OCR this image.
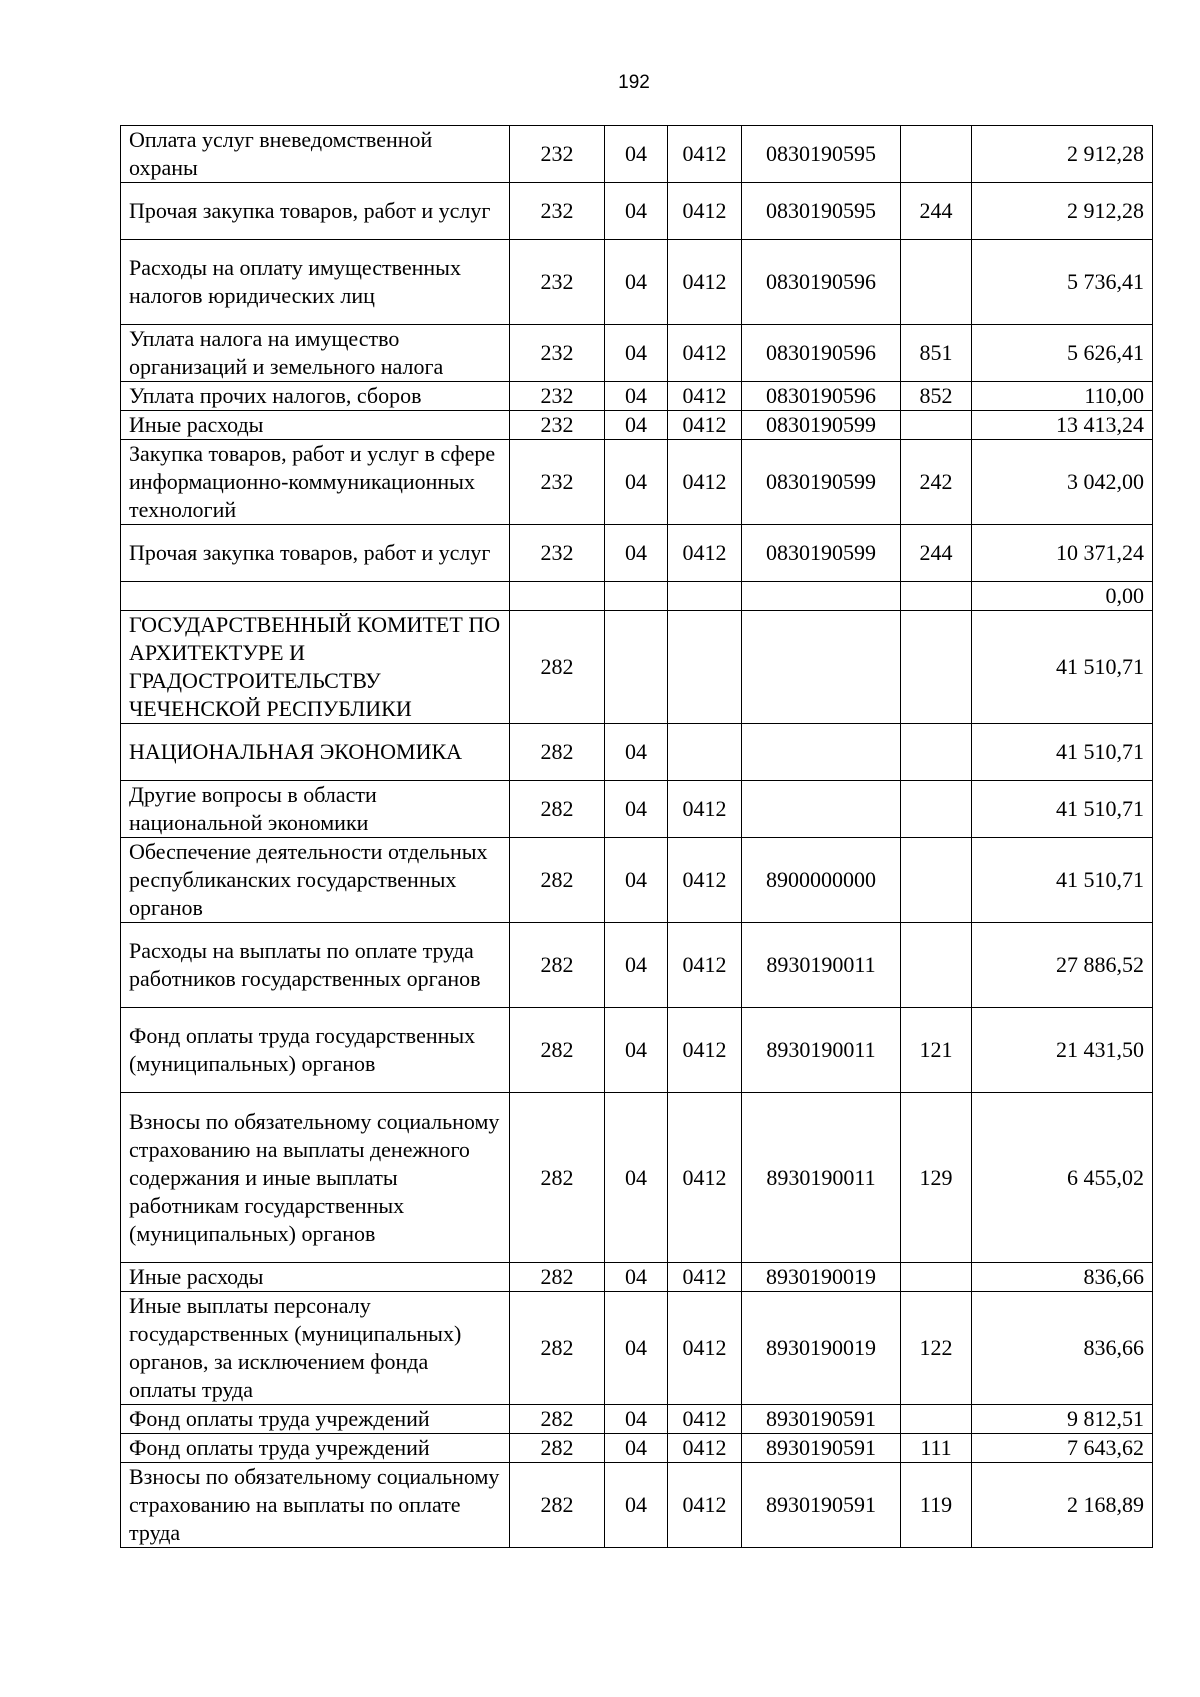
192
Оплата услуг вневедомственной охраны	232	04	0412	0830190595		2 912,28
Прочая закупка товаров, работ и услуг	232	04	0412	0830190595	244	2 912,28
Расходы на оплату имущественных налогов юридических лиц	232	04	0412	0830190596		5 736,41
Уплата налога на имущество организаций и земельного налога	232	04	0412	0830190596	851	5 626,41
Уплата прочих налогов, сборов	232	04	0412	0830190596	852	110,00
Иные расходы	232	04	0412	0830190599		13 413,24
Закупка товаров, работ и услуг в сфере информационно-коммуникационных технологий	232	04	0412	0830190599	242	3 042,00
Прочая закупка товаров, работ и услуг	232	04	0412	0830190599	244	10 371,24
						0,00
ГОСУДАРСТВЕННЫЙ КОМИТЕТ ПО АРХИТЕКТУРЕ И ГРАДОСТРОИТЕЛЬСТВУ ЧЕЧЕНСКОЙ РЕСПУБЛИКИ	282					41 510,71
НАЦИОНАЛЬНАЯ ЭКОНОМИКА	282	04				41 510,71
Другие вопросы в области национальной экономики	282	04	0412			41 510,71
Обеспечение деятельности отдельных республиканских государственных органов	282	04	0412	8900000000		41 510,71
Расходы на выплаты по оплате труда работников государственных органов	282	04	0412	8930190011		27 886,52
Фонд оплаты труда государственных (муниципальных) органов	282	04	0412	8930190011	121	21 431,50
Взносы по обязательному социальному страхованию на выплаты денежного содержания и иные выплаты работникам государственных (муниципальных) органов	282	04	0412	8930190011	129	6 455,02
Иные расходы	282	04	0412	8930190019		836,66
Иные выплаты персоналу государственных (муниципальных) органов, за исключением фонда оплаты труда	282	04	0412	8930190019	122	836,66
Фонд оплаты труда учреждений	282	04	0412	8930190591		9 812,51
Фонд оплаты труда учреждений	282	04	0412	8930190591	111	7 643,62
Взносы по обязательному социальному страхованию на выплаты по оплате труда	282	04	0412	8930190591	119	2 168,89
